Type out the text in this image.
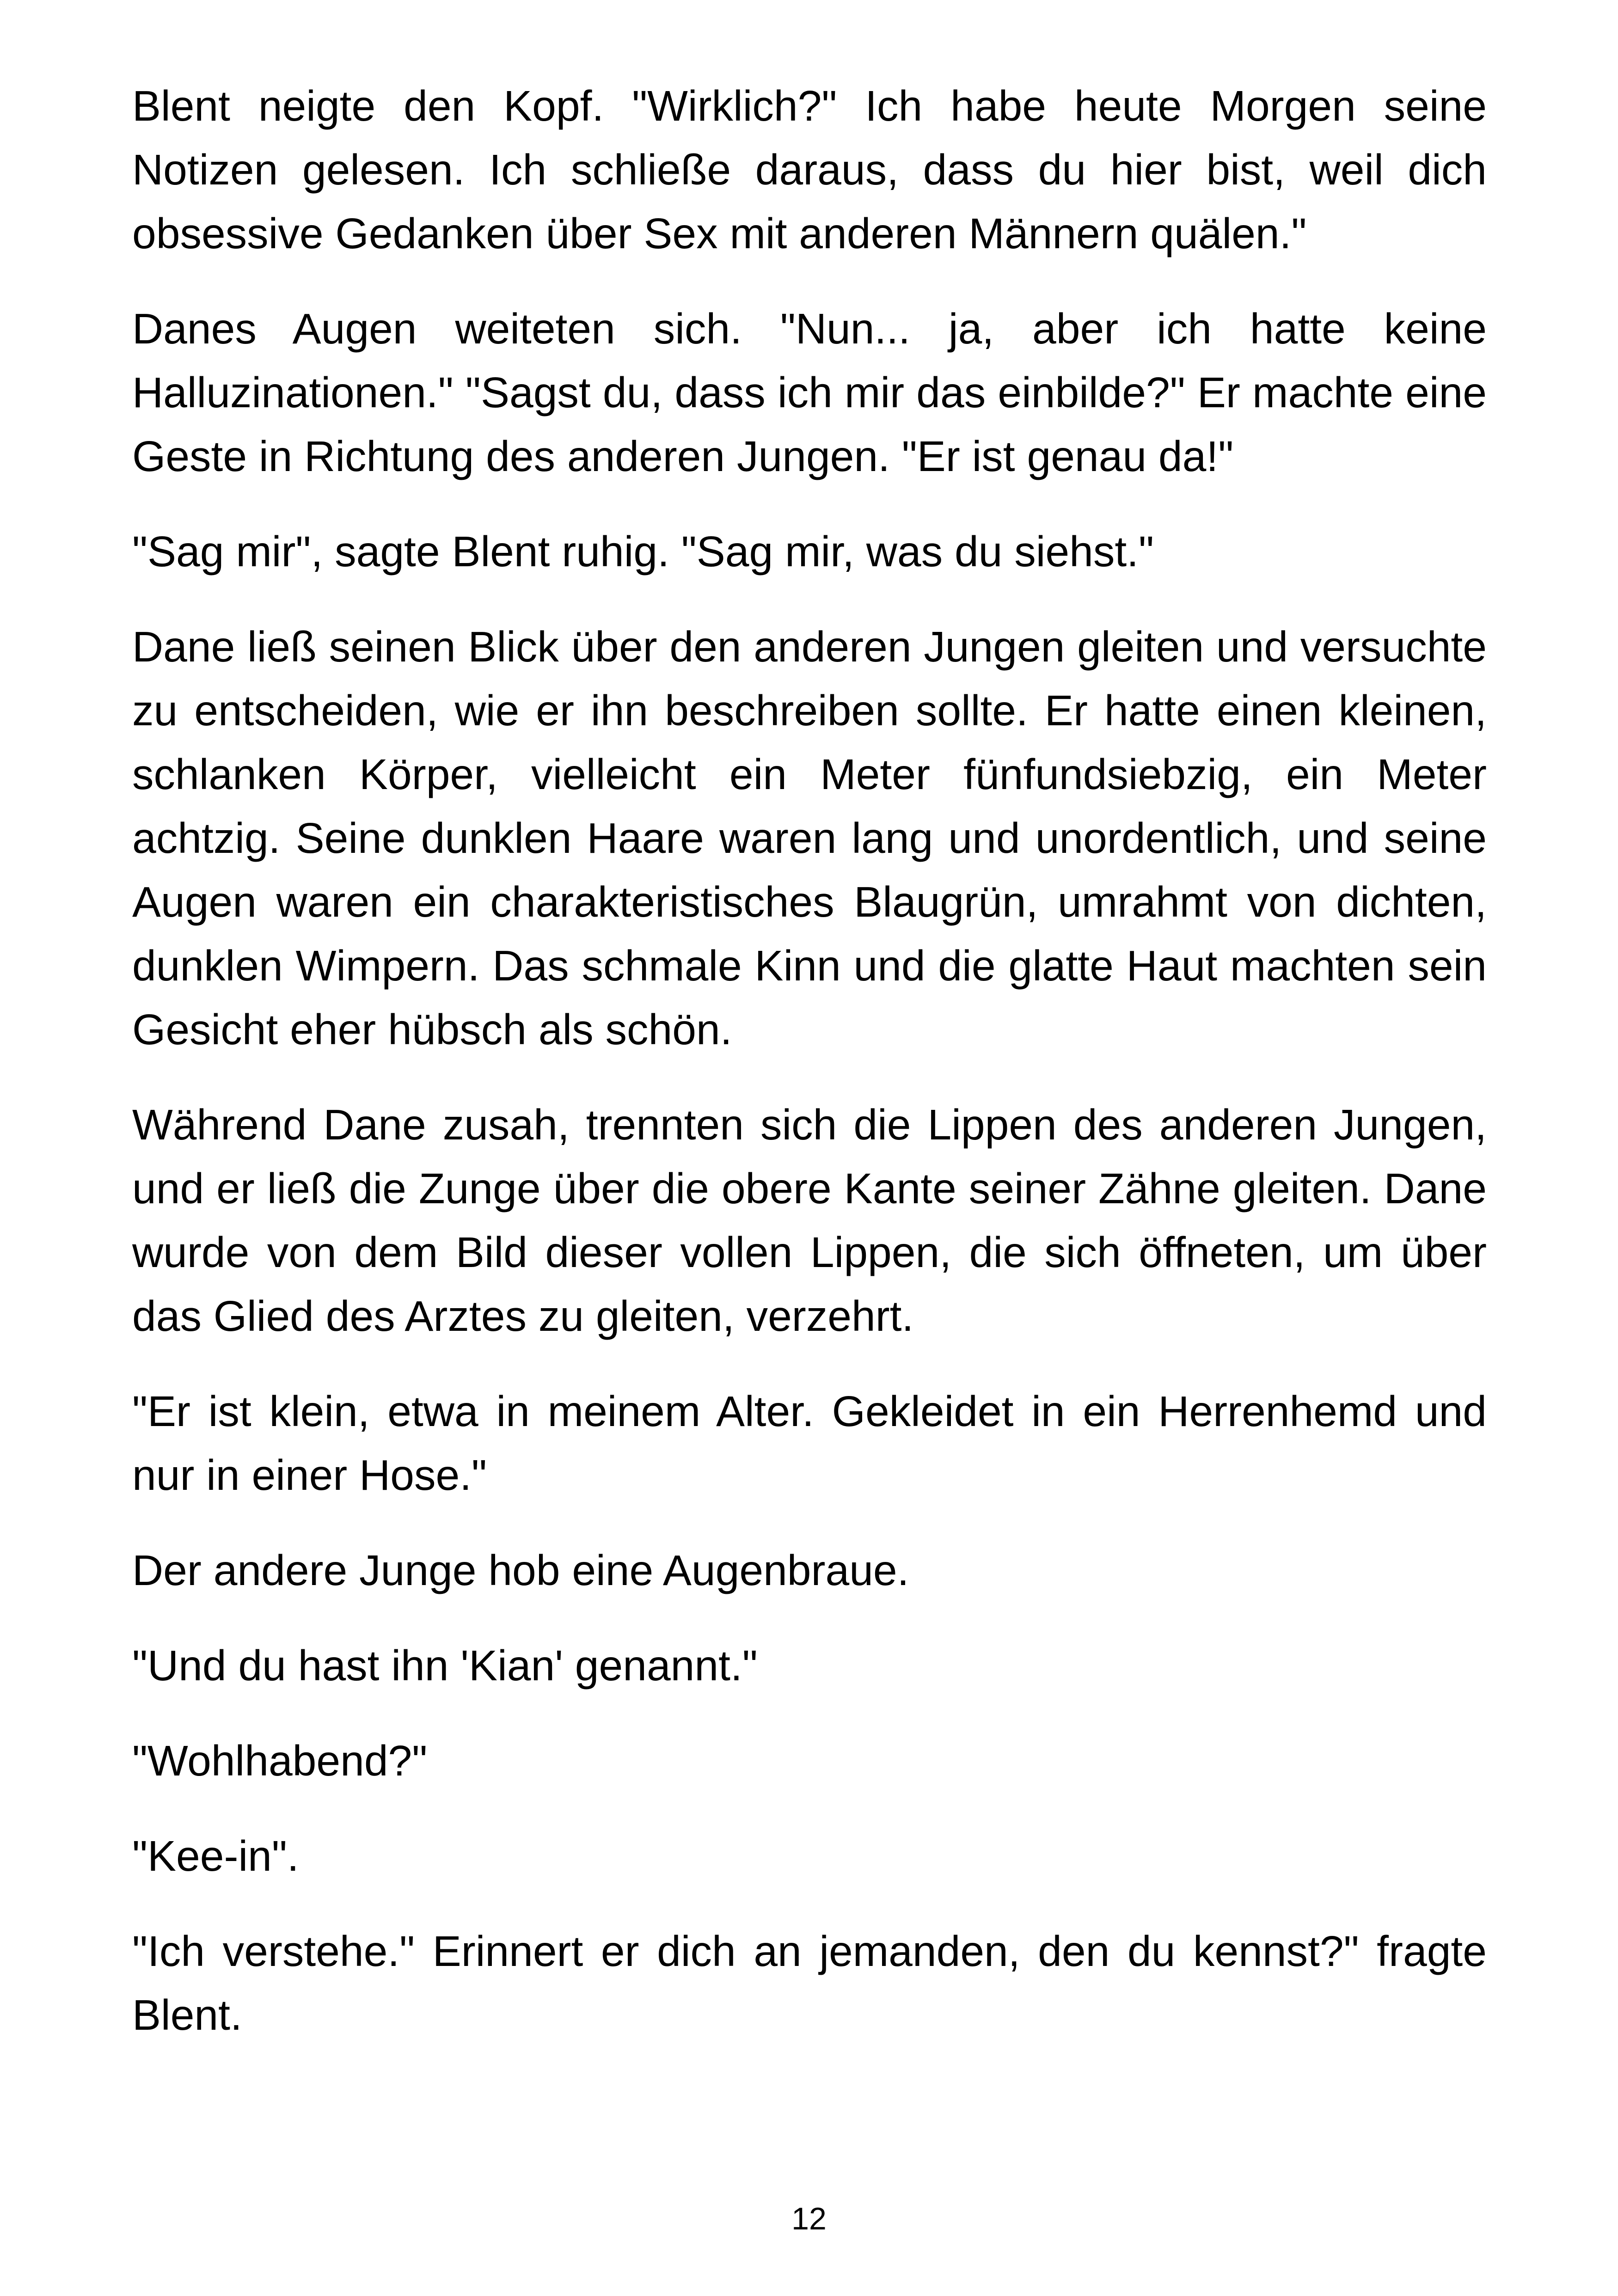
Blent neigte den Kopf. "Wirklich?" Ich habe heute Morgen seine Notizen gelesen. Ich schließe daraus, dass du hier bist, weil dich obsessive Gedanken über Sex mit anderen Männern quälen."

Danes Augen weiteten sich. "Nun... ja, aber ich hatte keine Halluzinationen." "Sagst du, dass ich mir das einbilde?" Er machte eine Geste in Richtung des anderen Jungen. "Er ist genau da!"

"Sag mir", sagte Blent ruhig. "Sag mir, was du siehst."

Dane ließ seinen Blick über den anderen Jungen gleiten und versuchte zu entscheiden, wie er ihn beschreiben sollte. Er hatte einen kleinen, schlanken Körper, vielleicht ein Meter fünfundsiebzig, ein Meter achtzig. Seine dunklen Haare waren lang und unordentlich, und seine Augen waren ein charakteristisches Blaugrün, umrahmt von dichten, dunklen Wimpern. Das schmale Kinn und die glatte Haut machten sein Gesicht eher hübsch als schön.

Während Dane zusah, trennten sich die Lippen des anderen Jungen, und er ließ die Zunge über die obere Kante seiner Zähne gleiten. Dane wurde von dem Bild dieser vollen Lippen, die sich öffneten, um über das Glied des Arztes zu gleiten, verzehrt.

"Er ist klein, etwa in meinem Alter. Gekleidet in ein Herrenhemd und nur in einer Hose."

Der andere Junge hob eine Augenbraue.

"Und du hast ihn 'Kian' genannt."

"Wohlhabend?"

"Kee-in".

"Ich verstehe." Erinnert er dich an jemanden, den du kennst?" fragte Blent.

12
